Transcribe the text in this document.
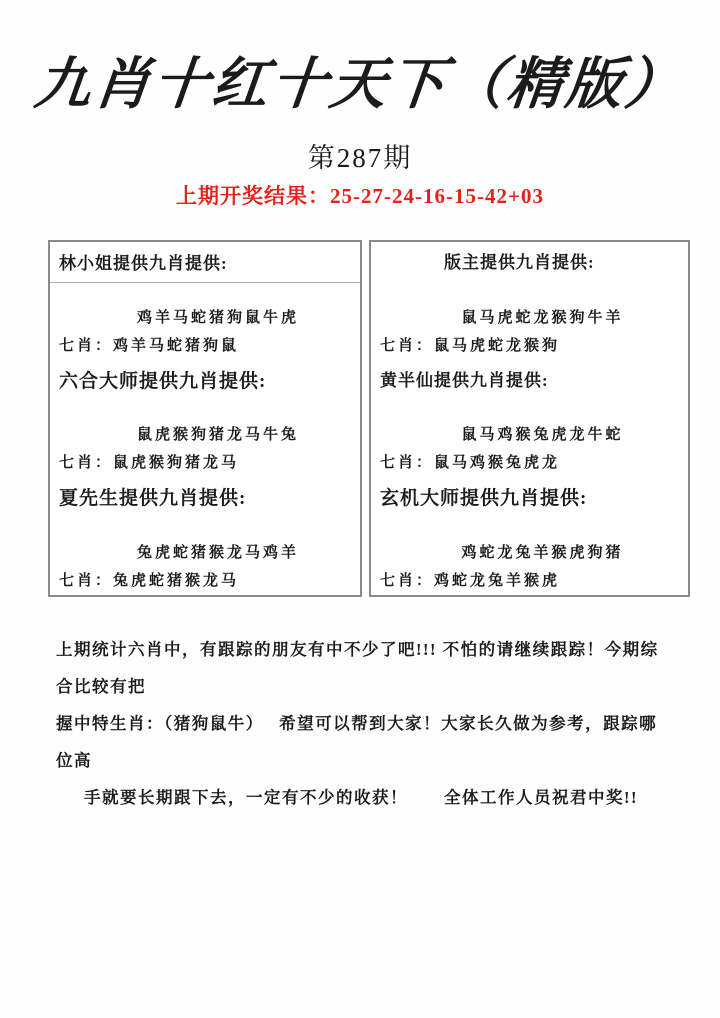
九肖十红十天下（精版）
第287期
上期开奖结果：25-27-24-16-15-42+03
林小姐提供九肖提供:
鸡羊马蛇猪狗鼠牛虎
七肖：鸡羊马蛇猪狗鼠
六合大师提供九肖提供:
鼠虎猴狗猪龙马牛兔
七肖：鼠虎猴狗猪龙马
夏先生提供九肖提供:
兔虎蛇猪猴龙马鸡羊
七肖：兔虎蛇猪猴龙马
版主提供九肖提供:
鼠马虎蛇龙猴狗牛羊
七肖：鼠马虎蛇龙猴狗
黄半仙提供九肖提供:
鼠马鸡猴兔虎龙牛蛇
七肖：鼠马鸡猴兔虎龙
玄机大师提供九肖提供:
鸡蛇龙兔羊猴虎狗猪
七肖：鸡蛇龙兔羊猴虎
上期统计六肖中，有跟踪的朋友有中不少了吧!!! 不怕的请继续跟踪！今期综合比较有把
握中特生肖：（猪狗鼠牛）　 希望可以帮到大家！大家长久做为参考，跟踪哪位高
手就要长期跟下去，一定有不少的收获！　　全体工作人员祝君中奖!!
